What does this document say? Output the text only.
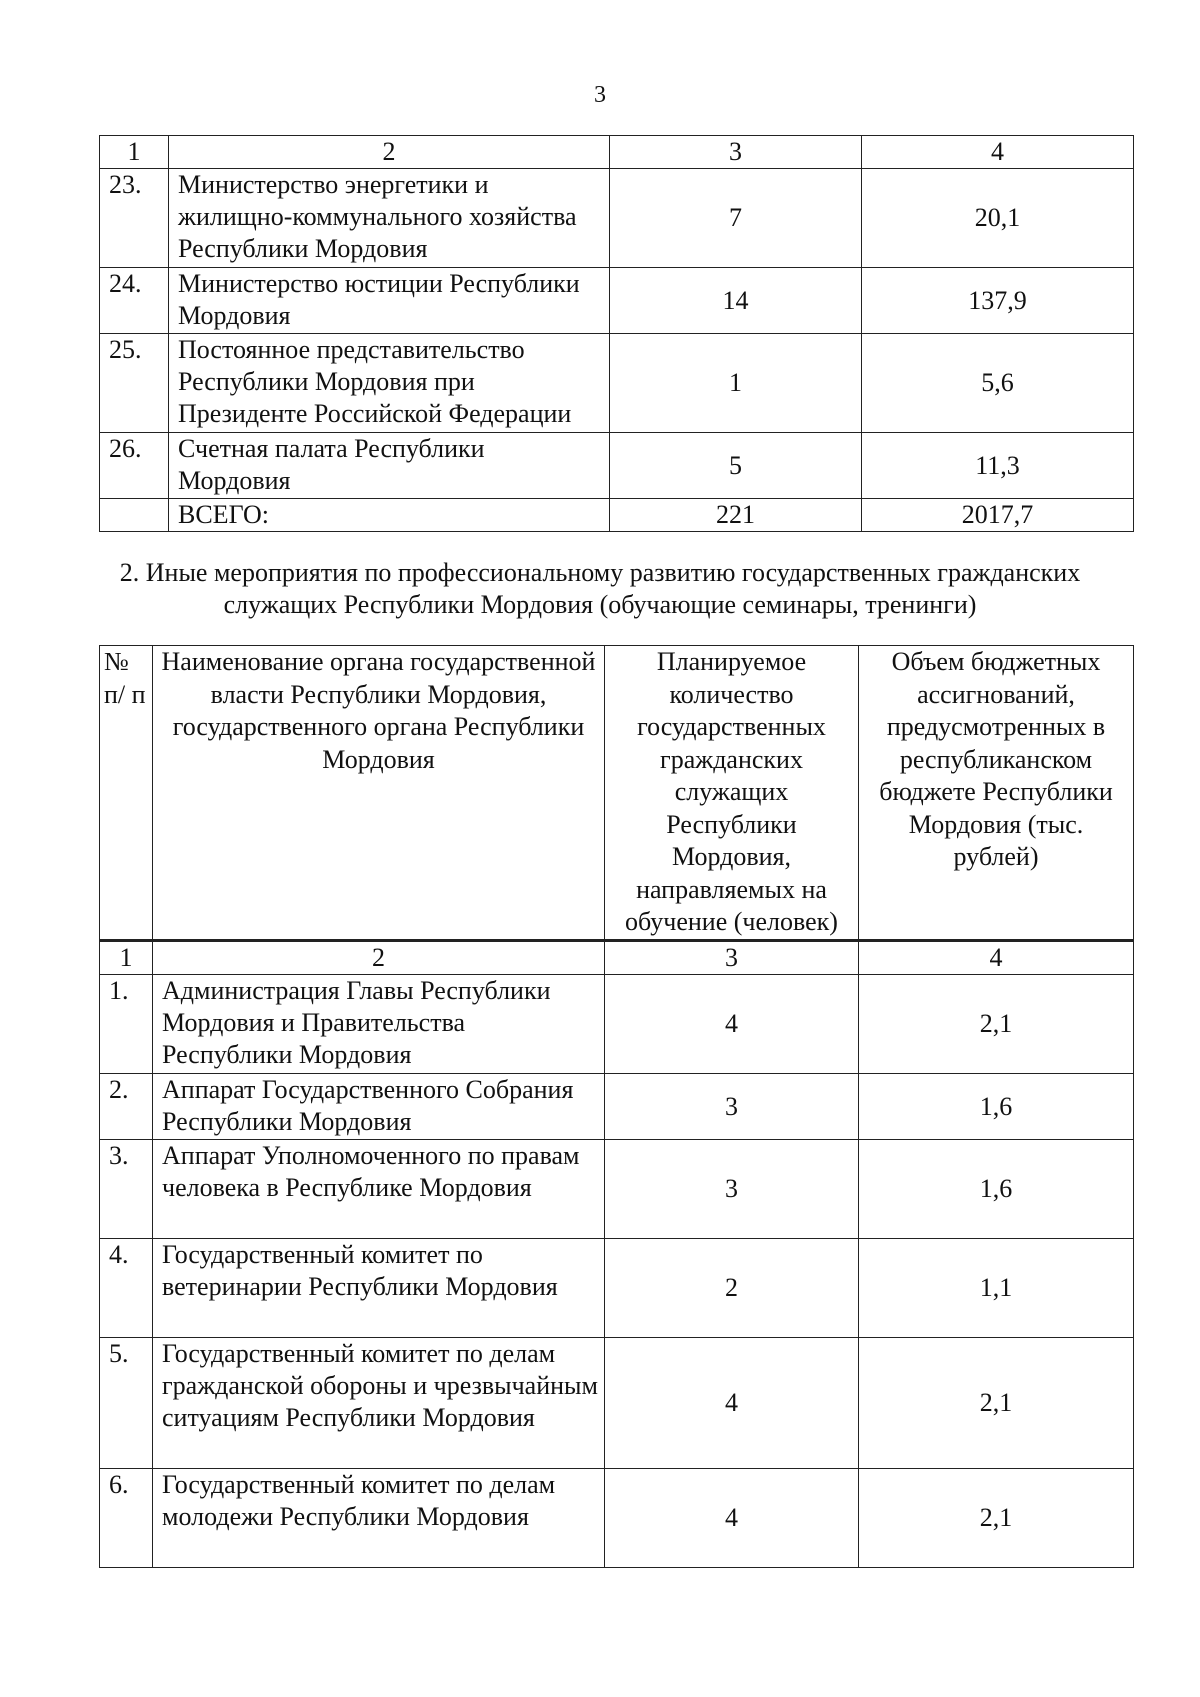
3
1	2	3	4
23.	Министерство энергетики и жилищно-коммунального хозяйства Республики Мордовия	7	20,1
24.	Министерство юстиции Республики Мордовия	14	137,9
25.	Постоянное представительство Республики Мордовия при Президенте Российской Федерации	1	5,6
26.	Счетная палата Республики Мордовия	5	11,3
	ВСЕГО:	221	2017,7
2. Иные мероприятия по профессиональному развитию государственных гражданских служащих Республики Мордовия (обучающие семинары, тренинги)
№ п/ п	Наименование органа государственной власти Республики Мордовия, государственного органа Республики Мордовия	Планируемое количество государственных гражданских служащих Республики Мордовия, направляемых на обучение (человек)	Объем бюджетных ассигнований, предусмотренных в республиканском бюджете Республики Мордовия (тыс. рублей)
1	2	3	4
1.	Администрация Главы Республики Мордовия и Правительства Республики Мордовия	4	2,1
2.	Аппарат Государственного Собрания Республики Мордовия	3	1,6
3.	Аппарат Уполномоченного по правам человека в Республике Мордовия	3	1,6
4.	Государственный комитет по ветеринарии Республики Мордовия	2	1,1
5.	Государственный комитет по делам гражданской обороны и чрезвычайным ситуациям Республики Мордовия	4	2,1
6.	Государственный комитет по делам молодежи Республики Мордовия	4	2,1
